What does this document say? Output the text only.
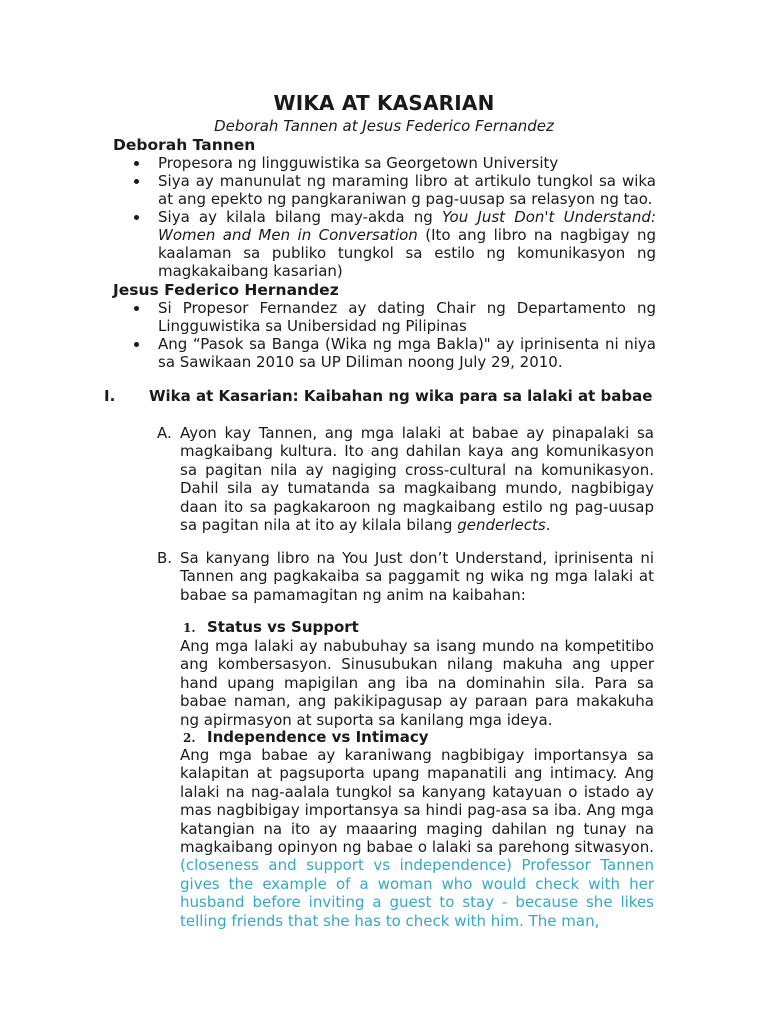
WIKA AT KASARIAN
Deborah Tannen at Jesus Federico Fernandez
Deborah Tannen
Propesora ng lingguwistika sa Georgetown University
Siya ay manunulat ng maraming libro at artikulo tungkol sa wika at ang epekto ng pangkaraniwan g pag-uusap sa relasyon ng tao.
Siya ay kilala bilang may-akda ng You Just Don't Understand: Women and Men in Conversation (Ito ang libro na nagbigay ng kaalaman sa publiko tungkol sa estilo ng komunikasyon ng magkakaibang kasarian)
Jesus Federico Hernandez
Si Propesor Fernandez ay dating Chair ng Departamento ng Lingguwistika sa Unibersidad ng Pilipinas
Ang “Pasok sa Banga (Wika ng mga Bakla)" ay iprinisenta ni niya sa Sawikaan 2010 sa UP Diliman noong July 29, 2010.
I.	Wika at Kasarian: Kaibahan ng wika para sa lalaki at babae
A. Ayon kay Tannen, ang mga lalaki at babae ay pinapalaki sa magkaibang kultura. Ito ang dahilan kaya ang komunikasyon sa pagitan nila ay nagiging cross-cultural na komunikasyon. Dahil sila ay tumatanda sa magkaibang mundo, nagbibigay daan ito sa pagkakaroon ng magkaibang estilo ng pag-uusap sa pagitan nila at ito ay kilala bilang genderlects.
B. Sa kanyang libro na You Just don’t Understand, iprinisenta ni Tannen ang pagkakaiba sa paggamit ng wika ng mga lalaki at babae sa pamamagitan ng anim na kaibahan:
1. Status vs Support
Ang mga lalaki ay nabubuhay sa isang mundo na kompetitibo ang kombersasyon. Sinusubukan nilang makuha ang upper hand upang mapigilan ang iba na dominahin sila. Para sa babae naman, ang pakikipagusap ay paraan para makakuha ng apirmasyon at suporta sa kanilang mga ideya.
2. Independence vs Intimacy
Ang mga babae ay karaniwang nagbibigay importansya sa kalapitan at pagsuporta upang mapanatili ang intimacy. Ang lalaki na nag-aalala tungkol sa kanyang katayuan o istado ay mas nagbibigay importansya sa hindi pag-asa sa iba. Ang mga katangian na ito ay maaaring maging dahilan ng tunay na magkaibang opinyon ng babae o lalaki sa parehong sitwasyon. (closeness and support vs independence) Professor Tannen gives the example of a woman who would check with her husband before inviting a guest to stay - because she likes telling friends that she has to check with him. The man,
